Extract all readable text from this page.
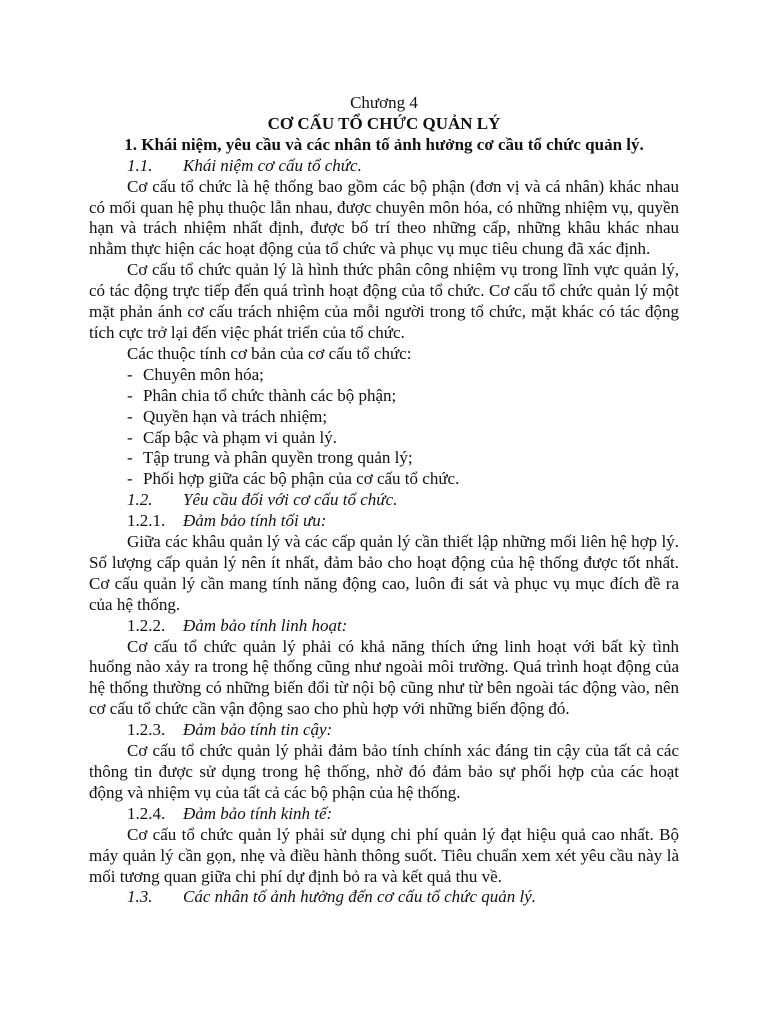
Chương 4

CƠ CẤU TỔ CHỨC QUẢN LÝ

1. Khái niệm, yêu cầu và các nhân tố ảnh hưởng cơ cầu tổ chức quản lý.

1.1. Khái niệm cơ cấu tổ chức.

Cơ cấu tổ chức là hệ thống bao gồm các bộ phận (đơn vị và cá nhân) khác nhau có mối quan hệ phụ thuộc lẫn nhau, được chuyên môn hóa, có những nhiệm vụ, quyền hạn và trách nhiệm nhất định, được bố trí theo những cấp, những khâu khác nhau nhằm thực hiện các hoạt động của tổ chức và phục vụ mục tiêu chung đã xác định.

Cơ cấu tổ chức quản lý là hình thức phân công nhiệm vụ trong lĩnh vực quản lý, có tác động trực tiếp đến quá trình hoạt động của tổ chức. Cơ cấu tổ chức quản lý một mặt phản ánh cơ cấu trách nhiệm của mỗi người trong tổ chức, mặt khác có tác động tích cực trở lại đến việc phát triển của tổ chức.

Các thuộc tính cơ bản của cơ cấu tổ chức:

- Chuyên môn hóa;
- Phân chia tổ chức thành các bộ phận;
- Quyền hạn và trách nhiệm;
- Cấp bậc và phạm vi quản lý.
- Tập trung và phân quyền trong quản lý;
- Phối hợp giữa các bộ phận của cơ cấu tổ chức.

1.2. Yêu cầu đối với cơ cấu tổ chức.

1.2.1. Đảm bảo tính tối ưu:

Giữa các khâu quản lý và các cấp quản lý cần thiết lập những mối liên hệ hợp lý. Số lượng cấp quản lý nên ít nhất, đảm bảo cho hoạt động của hệ thống được tốt nhất. Cơ cấu quản lý cần mang tính năng động cao, luôn đi sát và phục vụ mục đích đề ra của hệ thống.

1.2.2. Đảm bảo tính linh hoạt:

Cơ cấu tổ chức quản lý phải có khả năng thích ứng linh hoạt với bất kỳ tình huống nào xảy ra trong hệ thống cũng như ngoài môi trường. Quá trình hoạt động của hệ thống thường có những biến đổi từ nội bộ cũng như từ bên ngoài tác động vào, nên cơ cấu tổ chức cần vận động sao cho phù hợp với những biến động đó.

1.2.3. Đảm bảo tính tin cậy:

Cơ cấu tổ chức quản lý phải đảm bảo tính chính xác đáng tin cậy của tất cả các thông tin được sử dụng trong hệ thống, nhờ đó đảm bảo sự phối hợp của các hoạt động và nhiệm vụ của tất cả các bộ phận của hệ thống.

1.2.4. Đảm bảo tính kinh tế:

Cơ cấu tổ chức quản lý phải sử dụng chi phí quản lý đạt hiệu quả cao nhất. Bộ máy quản lý cần gọn, nhẹ và điều hành thông suốt. Tiêu chuẩn xem xét yêu cầu này là mối tương quan giữa chi phí dự định bỏ ra và kết quả thu về.

1.3. Các nhân tố ảnh hưởng đến cơ cấu tổ chức quản lý.
